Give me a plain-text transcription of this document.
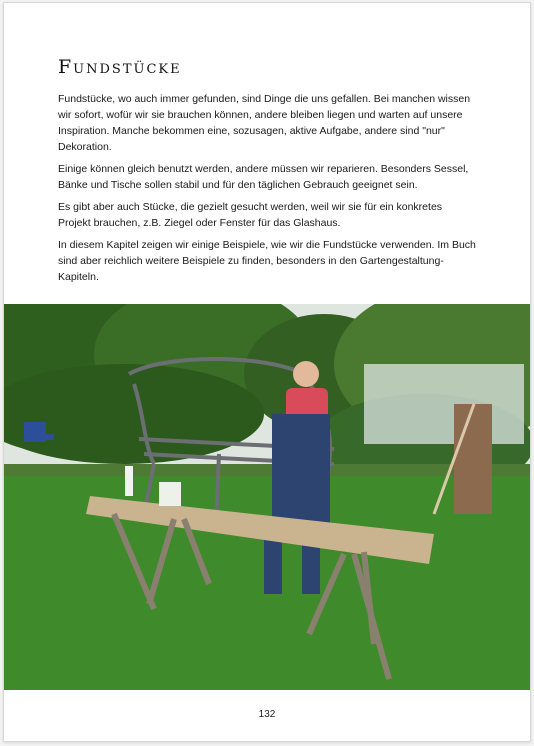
Fundstücke

Fundstücke, wo auch immer gefunden, sind Dinge die uns gefallen. Bei manchen wissen wir sofort, wofür wir sie brauchen können, andere bleiben liegen und warten auf unsere Inspiration. Manche bekommen eine, sozusagen, aktive Aufgabe, andere sind "nur" Dekoration.

Einige können gleich benutzt werden, andere müssen wir reparieren. Besonders Sessel, Bänke und Tische sollen stabil und für den täglichen Gebrauch geeignet sein.

Es gibt aber auch Stücke, die gezielt gesucht werden, weil wir sie für ein konkretes Projekt brauchen, z.B. Ziegel oder Fenster für das Glashaus.

In diesem Kapitel zeigen wir einige Beispiele, wie wir die Fundstücke verwenden. Im Buch sind aber reichlich weitere Beispiele zu finden, besonders in den Gartengestaltung-Kapiteln.

132
